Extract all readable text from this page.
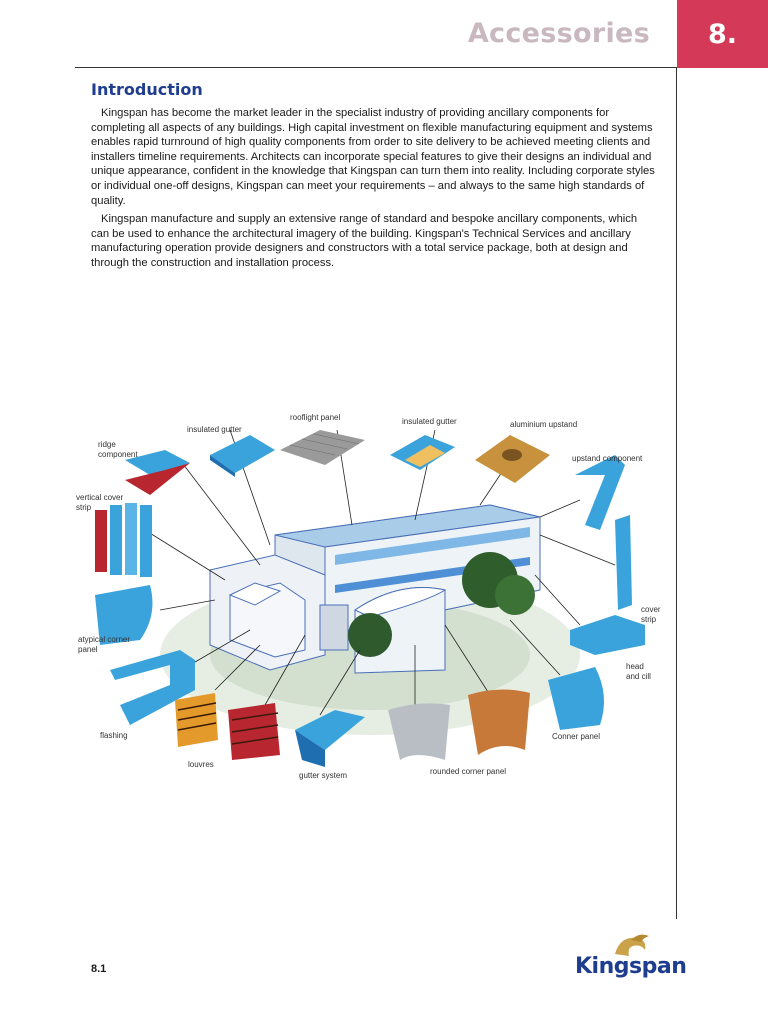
Accessories	8.
Introduction

Kingspan has become the market leader in the specialist industry of providing ancillary components for completing all aspects of any buildings. High capital investment on flexible manufacturing equipment and systems enables rapid turnround of high quality components from order to site delivery to be achieved meeting clients and installers timeline requirements. Architects can incorporate special features to give their designs an individual and unique appearance, confident in the knowledge that Kingspan can turn them into reality. Including corporate styles or individual one-off designs, Kingspan can meet your requirements – and always to the same high standards of quality.

Kingspan manufacture and supply an extensive range of standard and bespoke ancillary components, which can be used to enhance the architectural imagery of the building. Kingspan's Technical Services and ancillary manufacturing operation provide designers and constructors with a total service package, both at design and through the construction and installation process.

rooflight panel
insulated gutter
insulated gutter	aluminium upstand
ridge component	upstand component
vertical cover strip
cover strip
atypical corner panel
head and cill
flashing	Conner panel
louvres
gutter system	rounded corner panel
8.1	Kingspan
